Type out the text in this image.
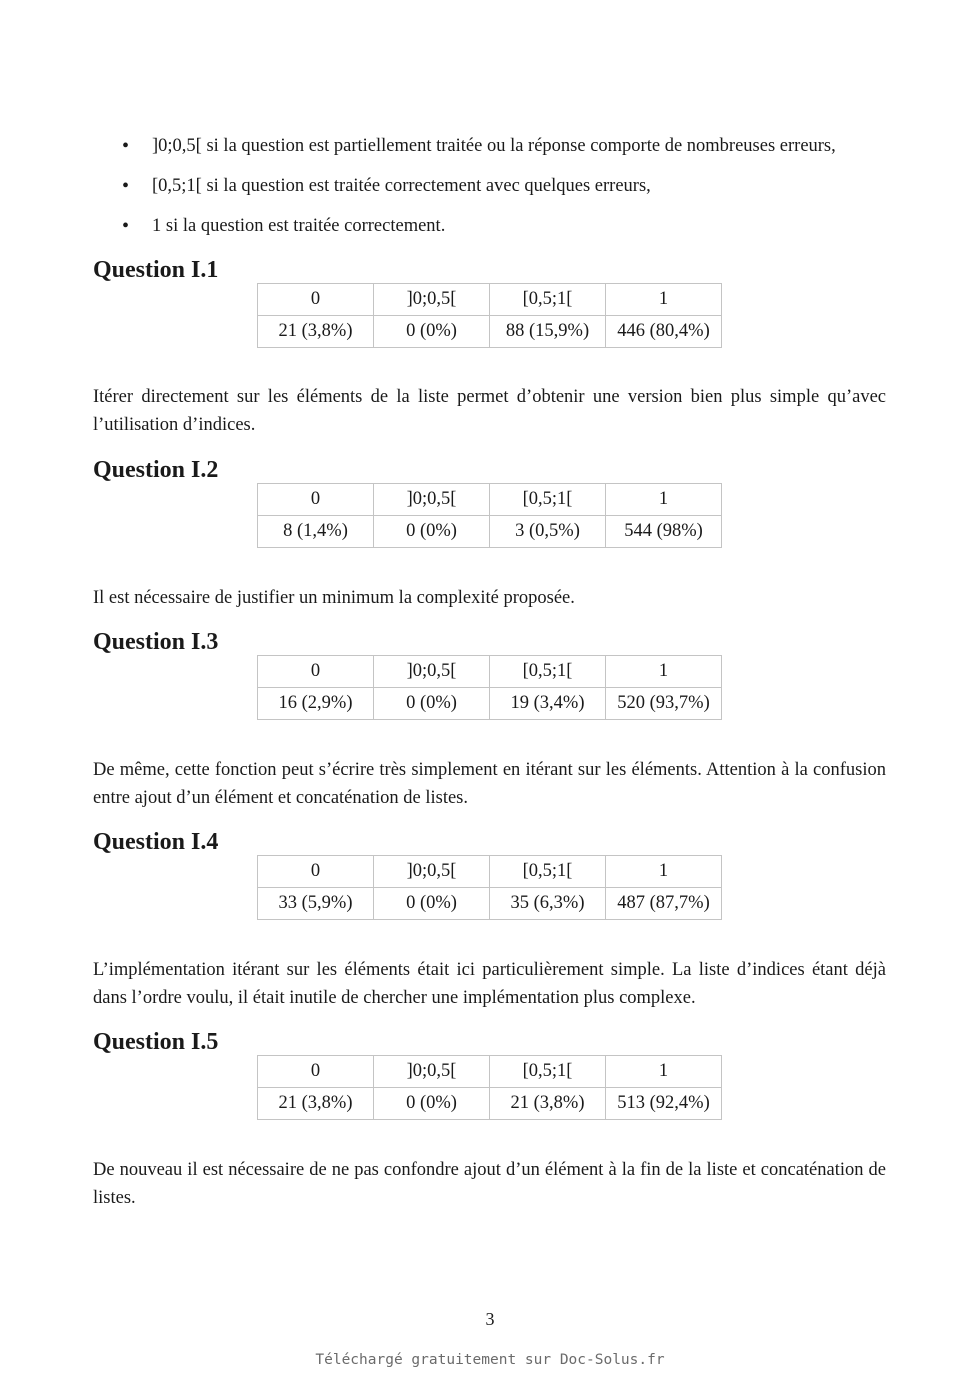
• ]0;0,5[ si la question est partiellement traitée ou la réponse comporte de nombreuses erreurs,
• [0,5;1[ si la question est traitée correctement avec quelques erreurs,
• 1 si la question est traitée correctement.
Question I.1
0	]0;0,5[	[0,5;1[	1
21 (3,8%)	0 (0%)	88 (15,9%)	446 (80,4%)

Itérer directement sur les éléments de la liste permet d’obtenir une version bien plus simple qu’avec l’utilisation d’indices.

Question I.2
0	]0;0,5[	[0,5;1[	1
8 (1,4%)	0 (0%)	3 (0,5%)	544 (98%)

Il est nécessaire de justifier un minimum la complexité proposée.

Question I.3
0	]0;0,5[	[0,5;1[	1
16 (2,9%)	0 (0%)	19 (3,4%)	520 (93,7%)

De même, cette fonction peut s’écrire très simplement en itérant sur les éléments. Attention à la confusion entre ajout d’un élément et concaténation de listes.

Question I.4
0	]0;0,5[	[0,5;1[	1
33 (5,9%)	0 (0%)	35 (6,3%)	487 (87,7%)

L’implémentation itérant sur les éléments était ici particulièrement simple. La liste d’indices étant déjà dans l’ordre voulu, il était inutile de chercher une implémentation plus complexe.

Question I.5
0	]0;0,5[	[0,5;1[	1
21 (3,8%)	0 (0%)	21 (3,8%)	513 (92,4%)

De nouveau il est nécessaire de ne pas confondre ajout d’un élément à la fin de la liste et concaténation de listes.

3
Téléchargé gratuitement sur Doc-Solus.fr
